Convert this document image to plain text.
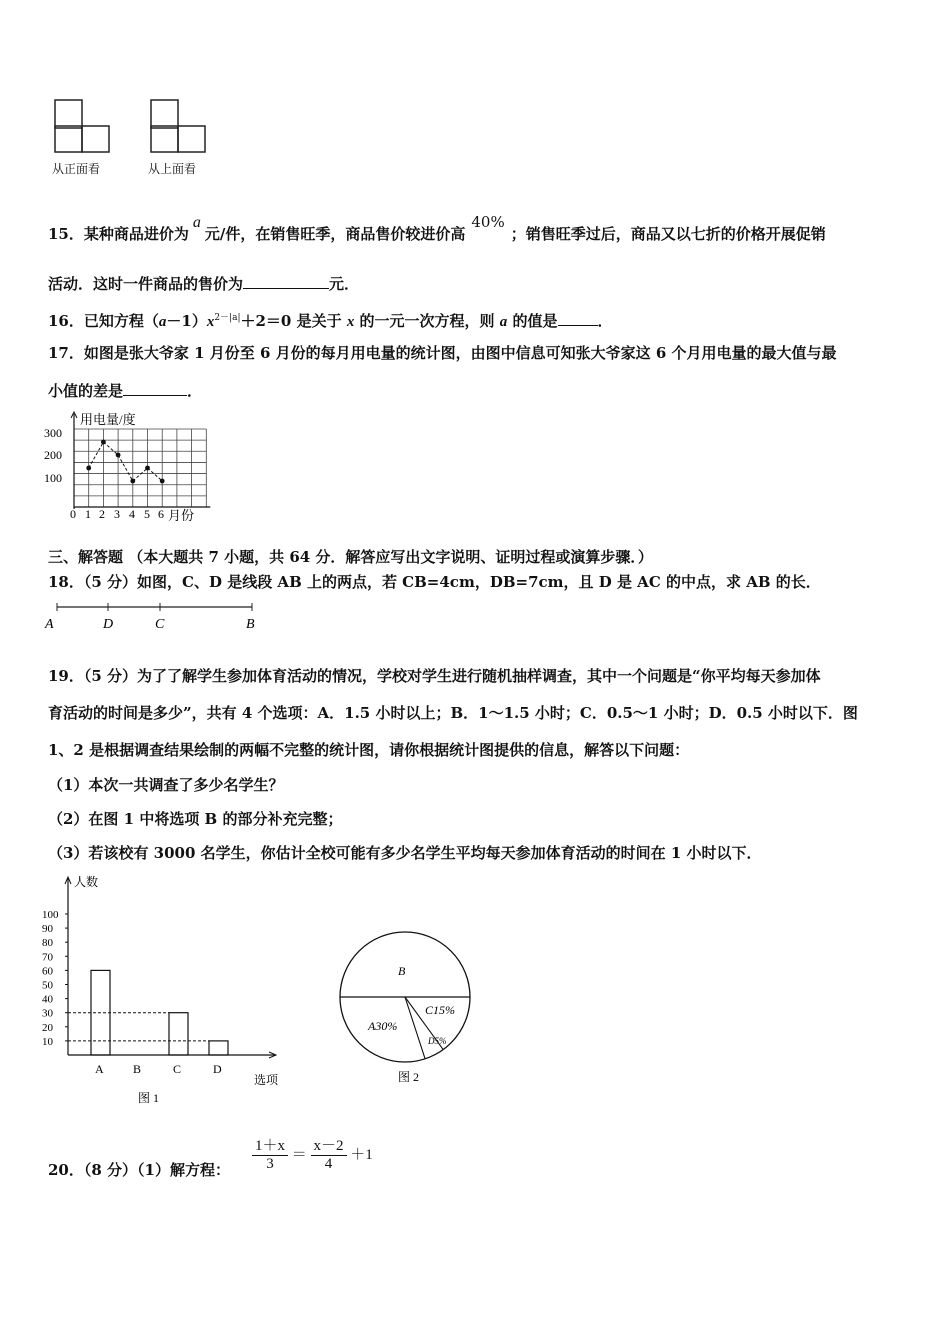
从正面看	从上面看
15．某种商品进价为a元/件，在销售旺季，商品售价较进价高40%；销售旺季过后，商品又以七折的价格开展促销
活动．这时一件商品的售价为	元．
16．已知方程$(a-1)x^{2-|a|}+2=0$ 是关于 x 的一元一次方程，则 a 的值是	．
17．如图是张大爷家 1 月份至 6 月份的每月用电量的统计图，由图中信息可知张大爷家这 6 个月用电量的最大值与最
小值的差是	．
用电量/度
300
200
100
0 1 2 3 4 5 6 月份
三、解答题 （本大题共 7 小题，共 64 分．解答应写出文字说明、证明过程或演算步骤．）
18．（5 分）如图，C、D 是线段 AB 上的两点，若 CB=4cm，DB=7cm，且 D 是 AC 的中点，求 AB 的长．
A	D	C	B
19．（5 分）为了了解学生参加体育活动的情况，学校对学生进行随机抽样调查，其中一个问题是“你平均每天参加体
育活动的时间是多少”，共有 4 个选项：A．1.5 小时以上；B．1～1.5 小时；C．0.5～1 小时；D．0.5 小时以下．图
1、2 是根据调查结果绘制的两幅不完整的统计图，请你根据统计图提供的信息，解答以下问题：
（1）本次一共调查了多少名学生？
（2）在图 1 中将选项 B 的部分补充完整；
（3）若该校有 3000 名学生，你估计全校可能有多少名学生平均每天参加体育活动的时间在 1 小时以下．
10
20
30
40
50
60
70
80
90
100
A B	C	D
人数
选项
图 1
B
A30%
C15%
D5%
图 2
20．（8 分）（1）解方程： $\frac{1+x}{3} = \frac{x-2}{4} +1$
